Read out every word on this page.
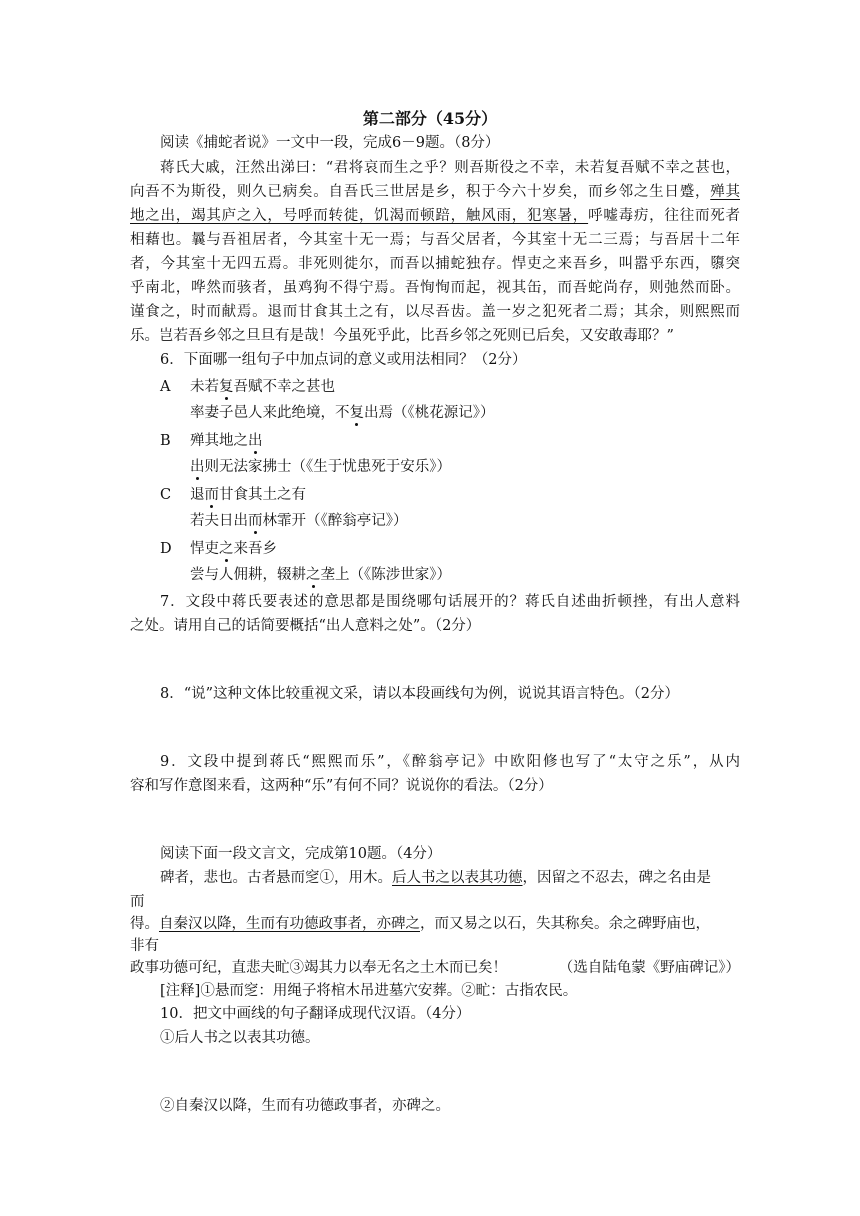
第二部分（45分）
阅读《捕蛇者说》一文中一段，完成6－9题。（8分）
蒋氏大戚，汪然出涕曰：“君将哀而生之乎？则吾斯役之不幸，未若复吾赋不幸之甚也，
向吾不为斯役，则久已病矣。自吾氏三世居是乡，积于今六十岁矣，而乡邻之生日蹙，殚其
地之出，竭其庐之入，号呼而转徙，饥渴而顿踣，触风雨，犯寒暑，呼嘘毒疠，往往而死者
相藉也。曩与吾祖居者，今其室十无一焉；与吾父居者，今其室十无二三焉；与吾居十二年
者，今其室十无四五焉。非死则徙尔，而吾以捕蛇独存。悍吏之来吾乡，叫嚣乎东西，隳突
乎南北，哗然而骇者，虽鸡狗不得宁焉。吾恂恂而起，视其缶，而吾蛇尚存，则弛然而卧。
谨食之，时而献焉。退而甘食其土之有，以尽吾齿。盖一岁之犯死者二焉；其余，则熙熙而
乐。岂若吾乡邻之旦旦有是哉！今虽死乎此，比吾乡邻之死则已后矣，又安敢毒耶？”
6．下面哪一组句子中加点词的意义或用法相同？（2分）
A 未若复吾赋不幸之甚也
率妻子邑人来此绝境，不复出焉（《桃花源记》）
B 殚其地之出
出则无法家拂士（《生于忧患死于安乐》）
C 退而甘食其土之有
若夫日出而林霏开（《醉翁亭记》）
D 悍吏之来吾乡
尝与人佣耕，辍耕之垄上（《陈涉世家》）
7．文段中蒋氏要表述的意思都是围绕哪句话展开的？蒋氏自述曲折顿挫，有出人意料
之处。请用自己的话简要概括“出人意料之处”。（2分）
8．“说”这种文体比较重视文采，请以本段画线句为例，说说其语言特色。（2分）
9．文段中提到蒋氏“熙熙而乐”，《醉翁亭记》中欧阳修也写了“太守之乐”，从内
容和写作意图来看，这两种“乐”有何不同？说说你的看法。（2分）
阅读下面一段文言文，完成第10题。（4分）
碑者，悲也。古者悬而窆①，用木。后人书之以表其功德，因留之不忍去，碑之名由是
而
得。自秦汉以降，生而有功德政事者，亦碑之，而又易之以石，失其称矣。余之碑野庙也，
非有
政事功德可纪，直悲夫甿③竭其力以奉无名之土木而已矣！	（选自陆龟蒙《野庙碑记》）
[注释]①悬而窆：用绳子将棺木吊进墓穴安葬。②甿：古指农民。
10．把文中画线的句子翻译成现代汉语。（4分）
①后人书之以表其功德。
②自秦汉以降，生而有功德政事者，亦碑之。
